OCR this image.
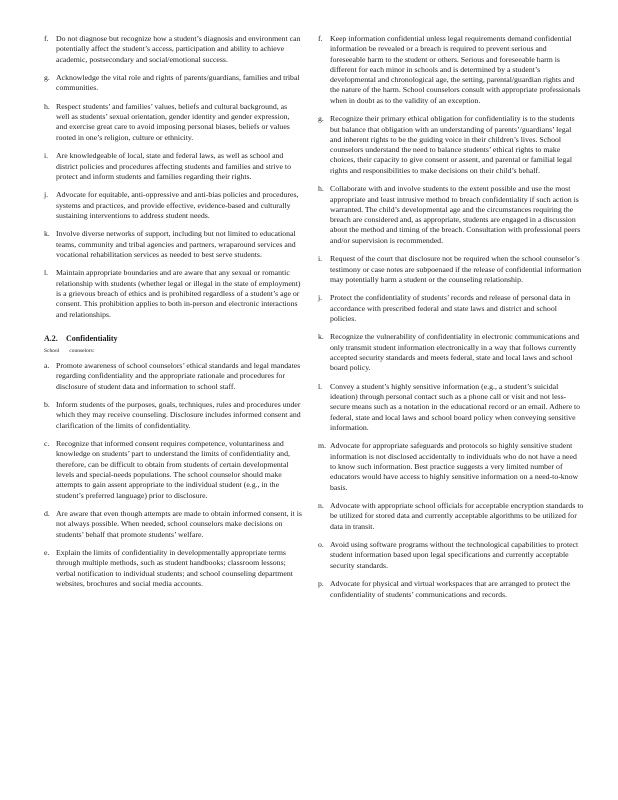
f. Do not diagnose but recognize how a student’s diagnosis and environment can potentially affect the student’s access, participation and ability to achieve academic, postsecondary and social/emotional success.
g. Acknowledge the vital role and rights of parents/guardians, families and tribal communities.
h. Respect students’ and families’ values, beliefs and cultural background, as well as students’ sexual orientation, gender identity and gender expression, and exercise great care to avoid imposing personal biases, beliefs or values rooted in one’s religion, culture or ethnicity.
i. Are knowledgeable of local, state and federal laws, as well as school and district policies and procedures affecting students and families and strive to protect and inform students and families regarding their rights.
j. Advocate for equitable, anti-oppressive and anti-bias policies and procedures, systems and practices, and provide effective, evidence-based and culturally sustaining interventions to address student needs.
k. Involve diverse networks of support, including but not limited to educational teams, community and tribal agencies and partners, wraparound services and vocational rehabilitation services as needed to best serve students.
l. Maintain appropriate boundaries and are aware that any sexual or romantic relationship with students (whether legal or illegal in the state of employment) is a grievous breach of ethics and is prohibited regardless of a student’s age or consent. This prohibition applies to both in-person and electronic interactions and relationships.
A.2. Confidentiality
School counselors:
a. Promote awareness of school counselors’ ethical standards and legal mandates regarding confidentiality and the appropriate rationale and procedures for disclosure of student data and information to school staff.
b. Inform students of the purposes, goals, techniques, rules and procedures under which they may receive counseling. Disclosure includes informed consent and clarification of the limits of confidentiality.
c. Recognize that informed consent requires competence, voluntariness and knowledge on students’ part to understand the limits of confidentiality and, therefore, can be difficult to obtain from students of certain developmental levels and special-needs populations. The school counselor should make attempts to gain assent appropriate to the individual student (e.g., in the student’s preferred language) prior to disclosure.
d. Are aware that even though attempts are made to obtain informed consent, it is not always possible. When needed, school counselors make decisions on students’ behalf that promote students’ welfare.
e. Explain the limits of confidentiality in developmentally appropriate terms through multiple methods, such as student handbooks; classroom lessons; verbal notification to individual students; and school counseling department websites, brochures and social media accounts.
f. Keep information confidential unless legal requirements demand confidential information be revealed or a breach is required to prevent serious and foreseeable harm to the student or others. Serious and foreseeable harm is different for each minor in schools and is determined by a student’s developmental and chronological age, the setting, parental/guardian rights and the nature of the harm. School counselors consult with appropriate professionals when in doubt as to the validity of an exception.
g. Recognize their primary ethical obligation for confidentiality is to the students but balance that obligation with an understanding of parents’/guardians’ legal and inherent rights to be the guiding voice in their children’s lives. School counselors understand the need to balance students’ ethical rights to make choices, their capacity to give consent or assent, and parental or familial legal rights and responsibilities to make decisions on their child’s behalf.
h. Collaborate with and involve students to the extent possible and use the most appropriate and least intrusive method to breach confidentiality if such action is warranted. The child’s developmental age and the circumstances requiring the breach are considered and, as appropriate, students are engaged in a discussion about the method and timing of the breach. Consultation with professional peers and/or supervision is recommended.
i. Request of the court that disclosure not be required when the school counselor’s testimony or case notes are subpoenaed if the release of confidential information may potentially harm a student or the counseling relationship.
j. Protect the confidentiality of students’ records and release of personal data in accordance with prescribed federal and state laws and district and school policies.
k. Recognize the vulnerability of confidentiality in electronic communications and only transmit student information electronically in a way that follows currently accepted security standards and meets federal, state and local laws and school board policy.
l. Convey a student’s highly sensitive information (e.g., a student’s suicidal ideation) through personal contact such as a phone call or visit and not less-secure means such as a notation in the educational record or an email. Adhere to federal, state and local laws and school board policy when conveying sensitive information.
m. Advocate for appropriate safeguards and protocols so highly sensitive student information is not disclosed accidentally to individuals who do not have a need to know such information. Best practice suggests a very limited number of educators would have access to highly sensitive information on a need-to-know basis.
n. Advocate with appropriate school officials for acceptable encryption standards to be utilized for stored data and currently acceptable algorithms to be utilized for data in transit.
o. Avoid using software programs without the technological capabilities to protect student information based upon legal specifications and currently acceptable security standards.
p. Advocate for physical and virtual workspaces that are arranged to protect the confidentiality of students’ communications and records.
